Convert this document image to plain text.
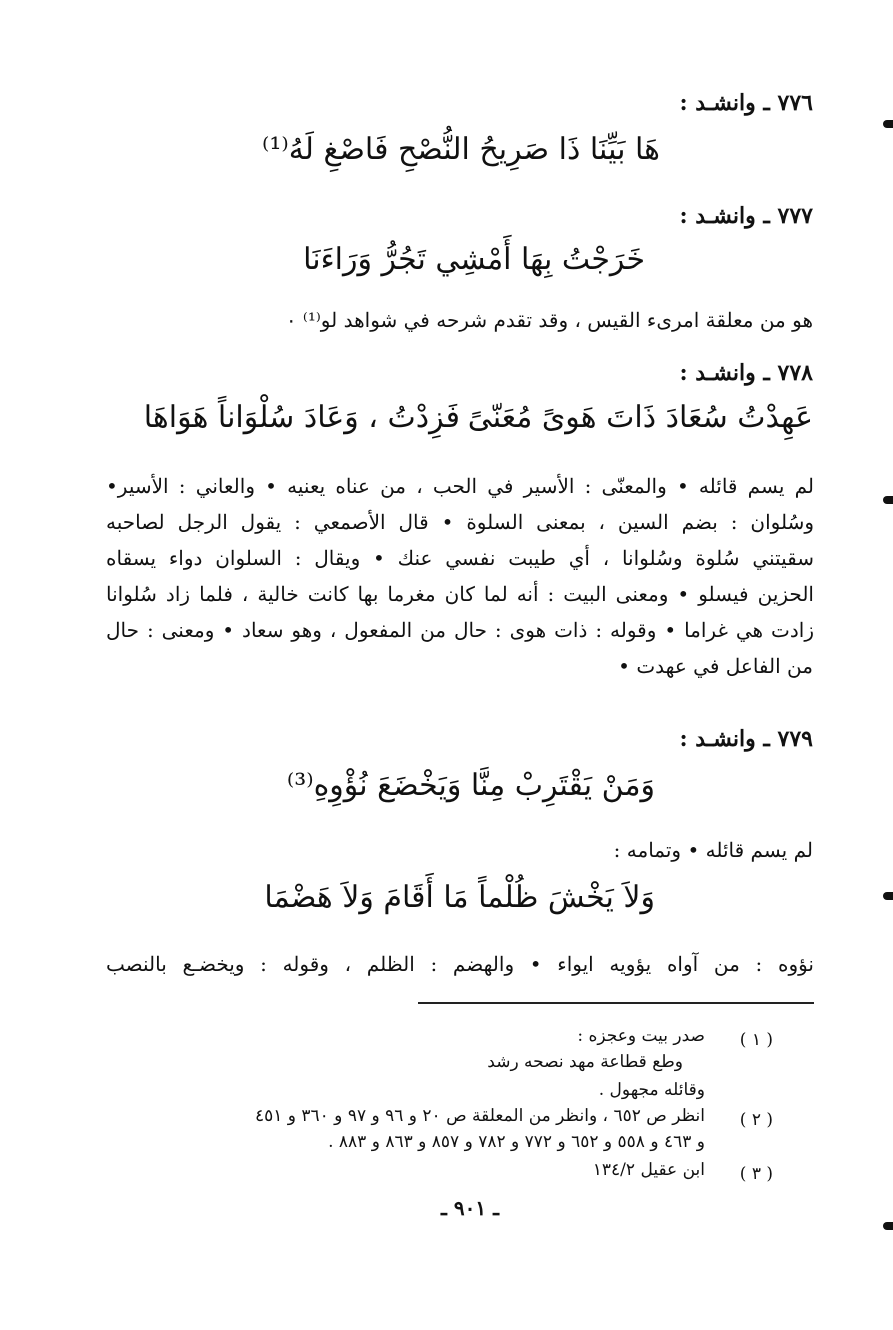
٧٧٦ ـ وانشـد :
هَا بَيِّنَا ذَا صَرِيحُ النُّصْحِ فَاصْغِ لَهُ⁽¹⁾
٧٧٧ ـ وانشـد :
خَرَجْتُ بِهَا أَمْشِي تَجُرُّ وَرَاءَنَا
هو من معلقة امرىء القيس ، وقد تقدم شرحه في شواهد لو⁽¹⁾ ٠
٧٧٨ ـ وانشـد :
عَهِدْتُ سُعَادَ ذَاتَ هَوىً مُعَنّىً
فَزِدْتُ ، وَعَادَ سُلْوَاناً هَوَاهَا
لم يسم قائله • والمعنّى : الأسير في الحب ، من عناه يعنيه • والعاني : الأسير•
وسُلوان : بضم السين ، بمعنى السلوة • قال الأصمعي : يقول الرجل لصاحبه
سقيتني سُلوة وسُلوانا ، أي طيبت نفسي عنك • ويقال : السلوان دواء يسقاه
الحزين فيسلو • ومعنى البيت : أنه لما كان مغرما بها كانت خالية ، فلما زاد سُلوانا
زادت هي غراما • وقوله : ذات هوى : حال من المفعول ، وهو سعاد • ومعنى : حال
من الفاعل في عهدت •
٧٧٩ ـ وانشـد :
وَمَنْ يَقْتَرِبْ مِنَّا وَيَخْضَعَ نُؤْوِهِ⁽³⁾
لم يسم قائله • وتمامه :
وَلاَ يَخْشَ ظُلْماً مَا أَقَامَ وَلاَ هَضْمَا
نؤوه : من آواه يؤويه ايواء • والهضم : الظلم ، وقوله : ويخضـع بالنصب
( ١ )
صدر بيت وعجزه :
وطع قطاعة مهد نصحه رشد
وقائله مجهول .
( ٢ )
انظر ص ٦٥٢ ، وانظر من المعلقة ص ٢٠ و ٩٦ و ٩٧ و ٣٦٠ و ٤٥١
و ٤٦٣ و ٥٥٨ و ٦٥٢ و ٧٧٢ و ٧٨٢ و ٨٥٧ و ٨٦٣ و ٨٨٣ .
( ٣ )
ابن عقيل ١٣٤/٢
ـ ٩٠١ ـ
